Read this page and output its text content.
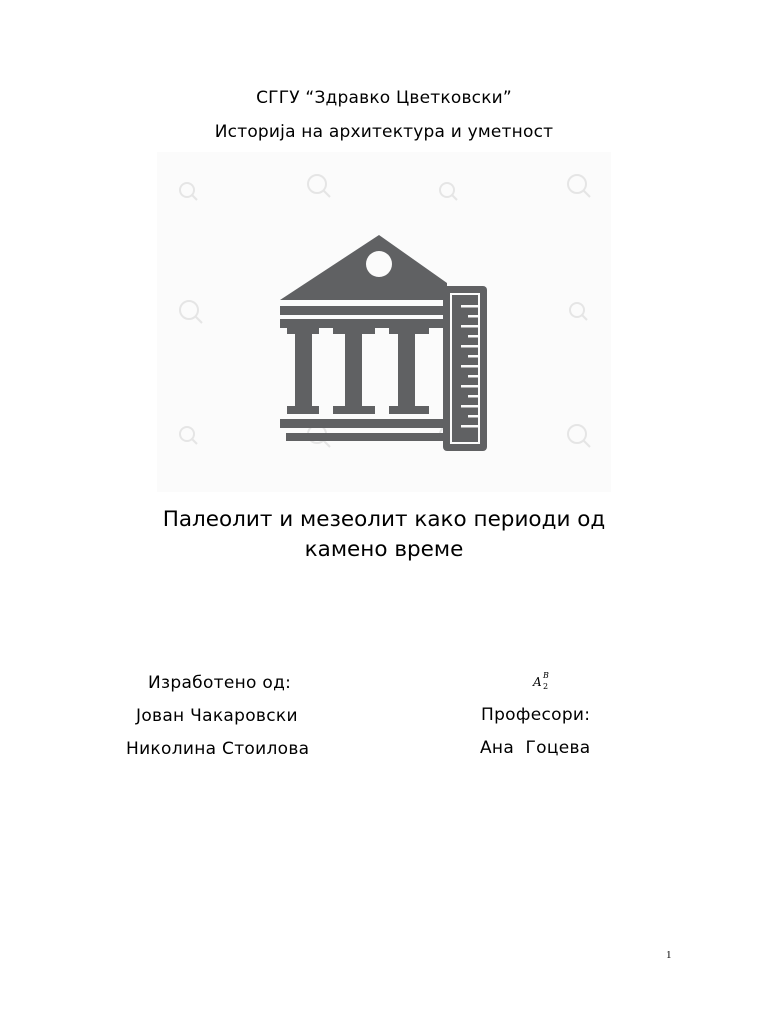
СГГУ “Здравко Цветковски”
Историја на архитектура и уметност
Палеолит и мезеолит како периоди од
камено време
Изработено од:
Јован Чакаровски
Николина Стоилова
A B
2
Професори:
Ана  Гоцева
1
